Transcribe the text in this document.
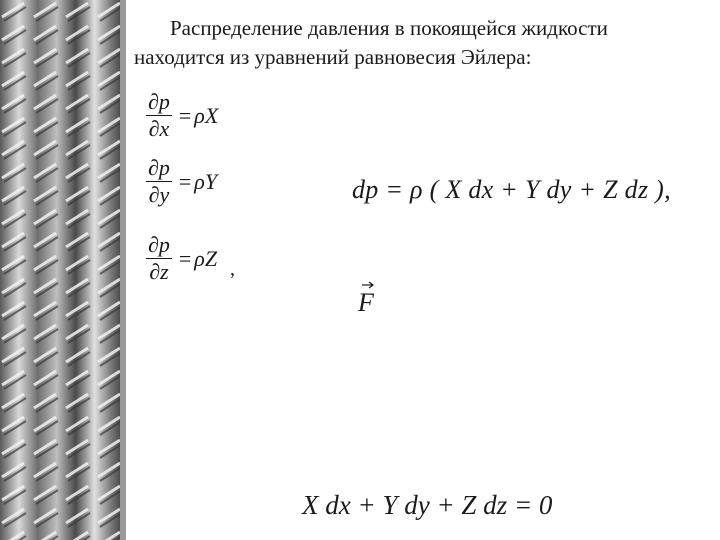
Распределение давления в покоящейся жидкости
находится из уравнений равновесия Эйлера:
$\frac{\partial p}{\partial x} = \rho X$
$\frac{\partial p}{\partial y} = \rho Y$
$\frac{\partial p}{\partial z} = \rho Z$ ,
dp = ρ ( X dx + Y dy + Z dz ),
F
X dx + Y dy + Z dz = 0
